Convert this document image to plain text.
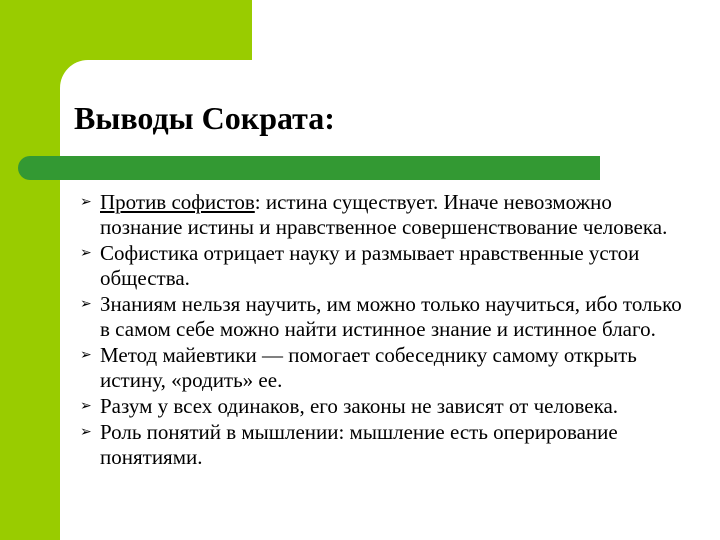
Выводы Сократа:
➢ Против софистов: истина существует. Иначе невозможно познание истины и нравственное совершенствование человека.
➢ Софистика отрицает науку и размывает нравственные устои общества.
➢ Знаниям нельзя научить, им можно только научиться, ибо только в самом себе можно найти истинное знание и истинное благо.
➢ Метод майевтики — помогает собеседнику самому открыть истину, «родить» ее.
➢ Разум у всех одинаков, его законы не зависят от человека.
➢ Роль понятий в мышлении: мышление есть оперирование понятиями.
